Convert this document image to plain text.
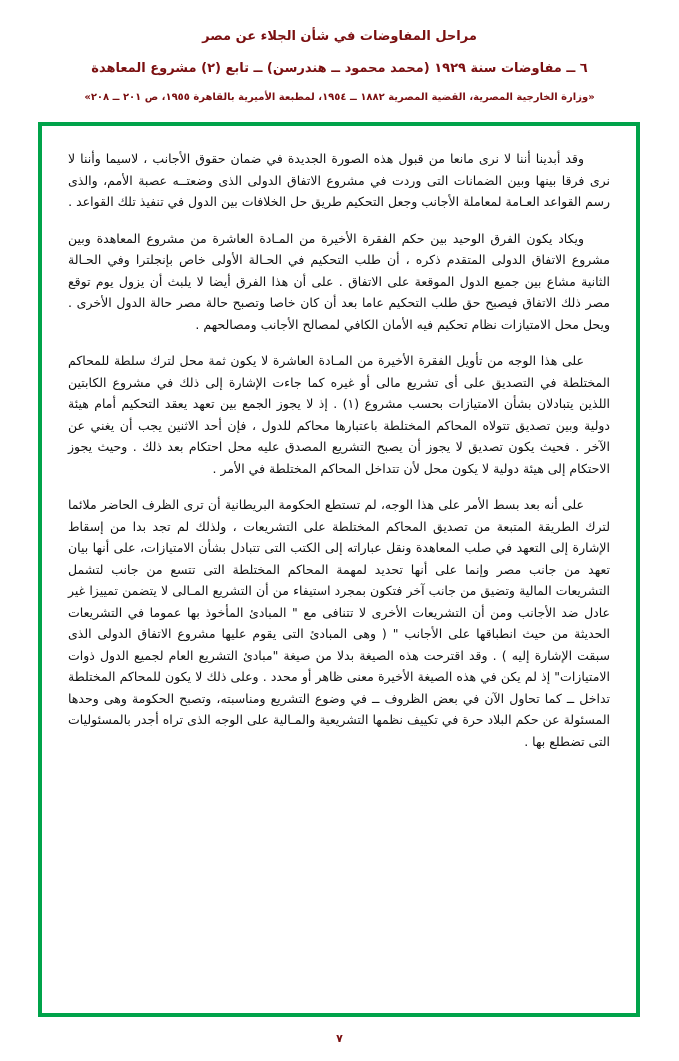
مراحل المفاوضات في شأن الجلاء عن مصر
٦ ــ مفاوضات سنة ١٩٢٩ (محمد محمود ــ هندرسن) ــ تابع (٢) مشروع المعاهدة
«وزارة الخارجية المصرية، القضية المصرية ١٨٨٢ ــ ١٩٥٤، لمطبعة الأميرية بالقاهرة ١٩٥٥، ص ٢٠١ ــ ٢٠٨»

وقد أبدينا أننا لا نرى مانعا من قبول هذه الصورة الجديدة في ضمان حقوق الأجانب ، لاسيما وأننا لا نرى فرقا بينها وبين الضمانات التى وردت في مشروع الاتفاق الدولى الذى وضعتــه عصبة الأمم، والذى رسم القواعد العـامة لمعاملة الأجانب وجعل التحكيم طريق حل الخلافات بين الدول في تنفيذ تلك القواعد .

ويكاد يكون الفرق الوحيد بين حكم الفقرة الأخيرة من المـادة العاشرة من مشروع المعاهدة وبين مشروع الاتفاق الدولى المتقدم ذكره ، أن طلب التحكيم في الحـالة الأولى خاص بإنجلترا وفي الحـالة الثانية مشاع بين جميع الدول الموقعة على الاتفاق . على أن هذا الفرق أيضا لا يلبث أن يزول يوم توقع مصر ذلك الاتفاق فيصبح حق طلب التحكيم عاما بعد أن كان خاصا وتصبح حالة مصر حالة الدول الأخرى . ويحل محل الامتيازات نظام تحكيم فيه الأمان الكافي لمصالح الأجانب ومصالحهم .

على هذا الوجه من تأويل الفقرة الأخيرة من المـادة العاشرة لا يكون ثمة محل لترك سلطة للمحاكم المختلطة في التصديق على أى تشريع مالى أو غيره كما جاءت الإشارة إلى ذلك في مشروع الكابتين اللذين يتبادلان بشأن الامتيازات بحسب مشروع (١) . إذ لا يجوز الجمع بين تعهد يعقد التحكيم أمام هيئة دولية وبين تصديق تتولاه المحاكم المختلطة باعتبارها محاكم للدول ، فإن أحد الاثنين يجب أن يغني عن الآخر . فحيث يكون تصديق لا يجوز أن يصبح التشريع المصدق عليه محل احتكام بعد ذلك . وحيث يجوز الاحتكام إلى هيئة دولية لا يكون محل لأن تتداخل المحاكم المختلطة في الأمر .

على أنه بعد بسط الأمر على هذا الوجه، لم تستطع الحكومة البريطانية أن ترى الظرف الحاضر ملائما لترك الطريقة المتبعة من تصديق المحاكم المختلطة على التشريعات ، ولذلك لم تجد بدا من إسقاط الإشارة إلى التعهد في صلب المعاهدة ونقل عباراته إلى الكتب التى تتبادل بشأن الامتيازات، على أنها بيان تعهد من جانب مصر وإنما على أنها تحديد لمهمة المحاكم المختلطة التى تتسع من جانب لتشمل التشريعات المالية وتضيق من جانب آخر فتكون بمجرد استيفاء من أن التشريع المـالى لا يتضمن تمييزا غير عادل ضد الأجانب ومن أن التشريعات الأخرى لا تتنافى مع " المبادئ المأخوذ بها عموما في التشريعات الحديثة من حيث انطباقها على الأجانب " ( وهى المبادئ التى يقوم عليها مشروع الاتفاق الدولى الذى سبقت الإشارة إليه ) . وقد اقترحت هذه الصيغة بدلا من صيغة "مبادئ التشريع العام لجميع الدول ذوات الامتيازات" إذ لم يكن في هذه الصيغة الأخيرة معنى ظاهر أو محدد . وعلى ذلك لا يكون للمحاكم المختلطة تداخل ــ كما تحاول الآن في بعض الظروف ــ في وضوع التشريع ومناسبته، وتصبح الحكومة وهى وحدها المسئولة عن حكم البلاد حرة في تكييف نظمها التشريعية والمـالية على الوجه الذى تراه أجدر بالمسئوليات التى تضطلع بها .

٧
